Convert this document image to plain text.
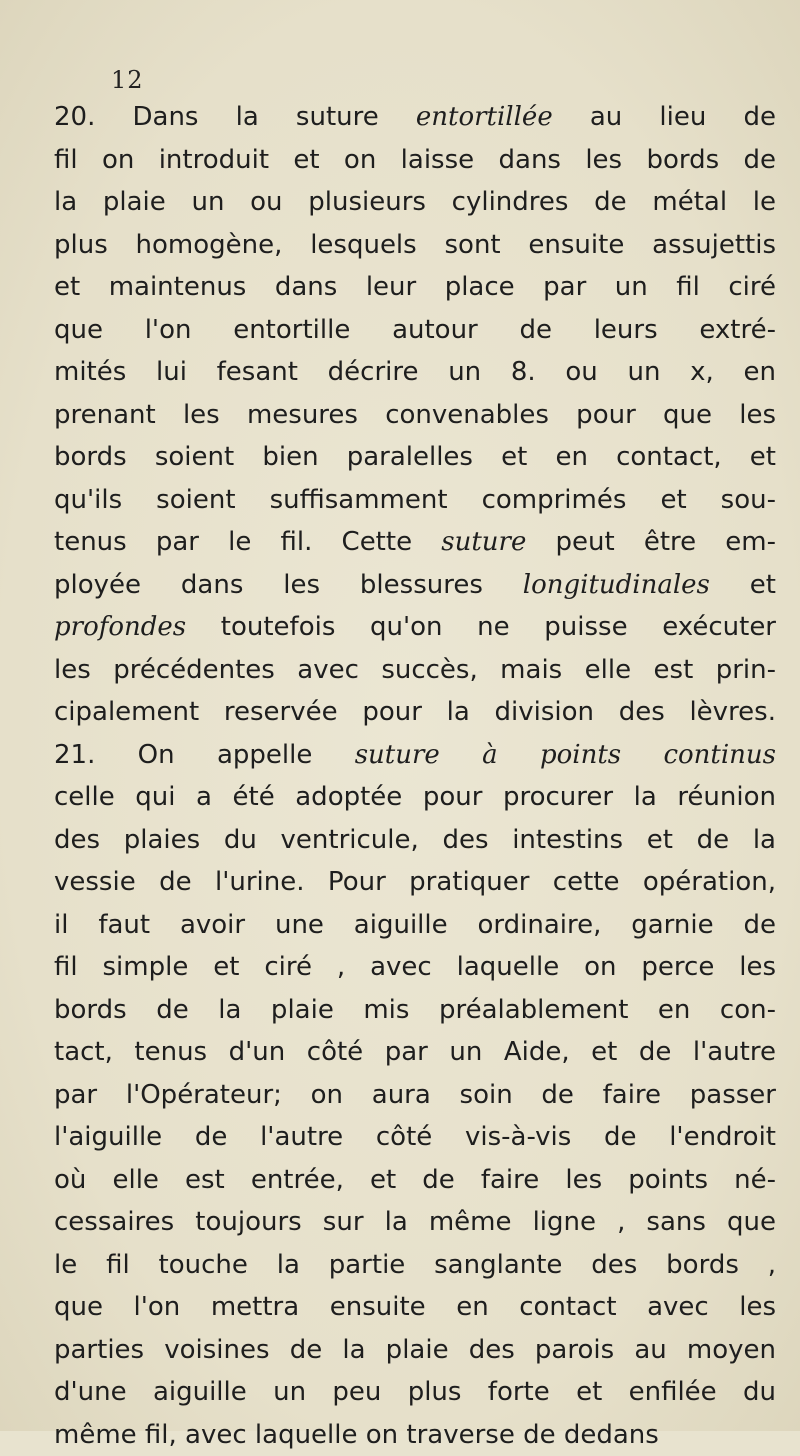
12
20. Dans la suture entortillée au lieu de
fil on introduit et on laisse dans les bords de
la plaie un ou plusieurs cylindres de métal le
plus homogène, lesquels sont ensuite assujettis
et maintenus dans leur place par un fil ciré
que l'on entortille autour de leurs extré-
mités lui fesant décrire un 8. ou un x, en
prenant les mesures convenables pour que les
bords soient bien paralelles et en contact, et
qu'ils soient suffisamment comprimés et sou-
tenus par le fil. Cette suture peut être em-
ployée dans les blessures longitudinales et
profondes toutefois qu'on ne puisse exécuter
les précédentes avec succès, mais elle est prin-
cipalement reservée pour la division des lèvres.
21. On appelle suture à points continus
celle qui a été adoptée pour procurer la réunion
des plaies du ventricule, des intestins et de la
vessie de l'urine. Pour pratiquer cette opération,
il faut avoir une aiguille ordinaire, garnie de
fil simple et ciré , avec laquelle on perce les
bords de la plaie mis préalablement en con-
tact, tenus d'un côté par un Aide, et de l'autre
par l'Opérateur; on aura soin de faire passer
l'aiguille de l'autre côté vis-à-vis de l'endroit
où elle est entrée, et de faire les points né-
cessaires toujours sur la même ligne , sans que
le fil touche la partie sanglante des bords ,
que l'on mettra ensuite en contact avec les
parties voisines de la plaie des parois au moyen
d'une aiguille un peu plus forte et enfilée du
même fil, avec laquelle on traverse de dedans
